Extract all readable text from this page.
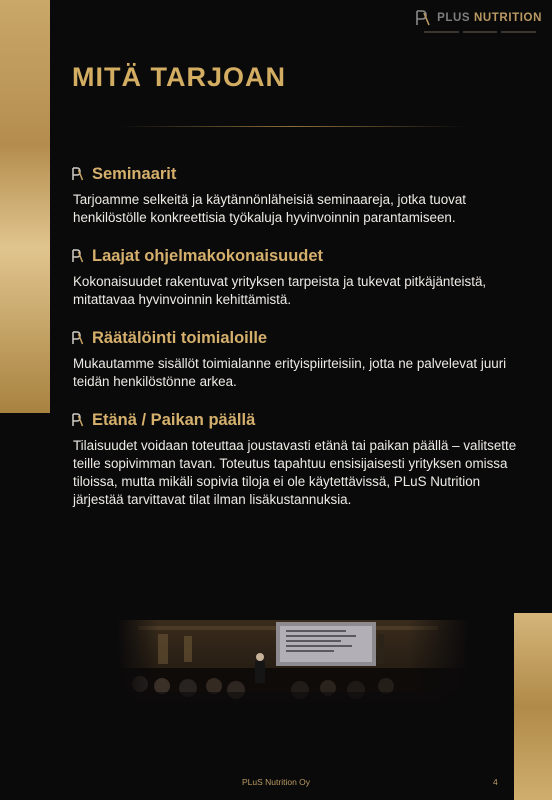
PLUS NUTRITION
MITÄ TARJOAN
Seminaarit

Tarjoamme selkeitä ja käytännönläheisiä seminaareja, jotka tuovat henkilöstölle konkreettisia työkaluja hyvinvoinnin parantamiseen.

Laajat ohjelmakokonaisuudet

Kokonaisuudet rakentuvat yrityksen tarpeista ja tukevat pitkäjänteistä, mitattavaa hyvinvoinnin kehittämistä.

Räätälöinti toimialoille

Mukautamme sisällöt toimialanne erityispiirteisiin, jotta ne palvelevat juuri teidän henkilöstönne arkea.

Etänä / Paikan päällä

Tilaisuudet voidaan toteuttaa joustavasti etänä tai paikan päällä – valitsette teille sopivimman tavan. Toteutus tapahtuu ensisijaisesti yrityksen omissa tiloissa, mutta mikäli sopivia tiloja ei ole käytettävissä, PLuS Nutrition järjestää tarvittavat tilat ilman lisäkustannuksia.

PLuS Nutrition Oy	4
